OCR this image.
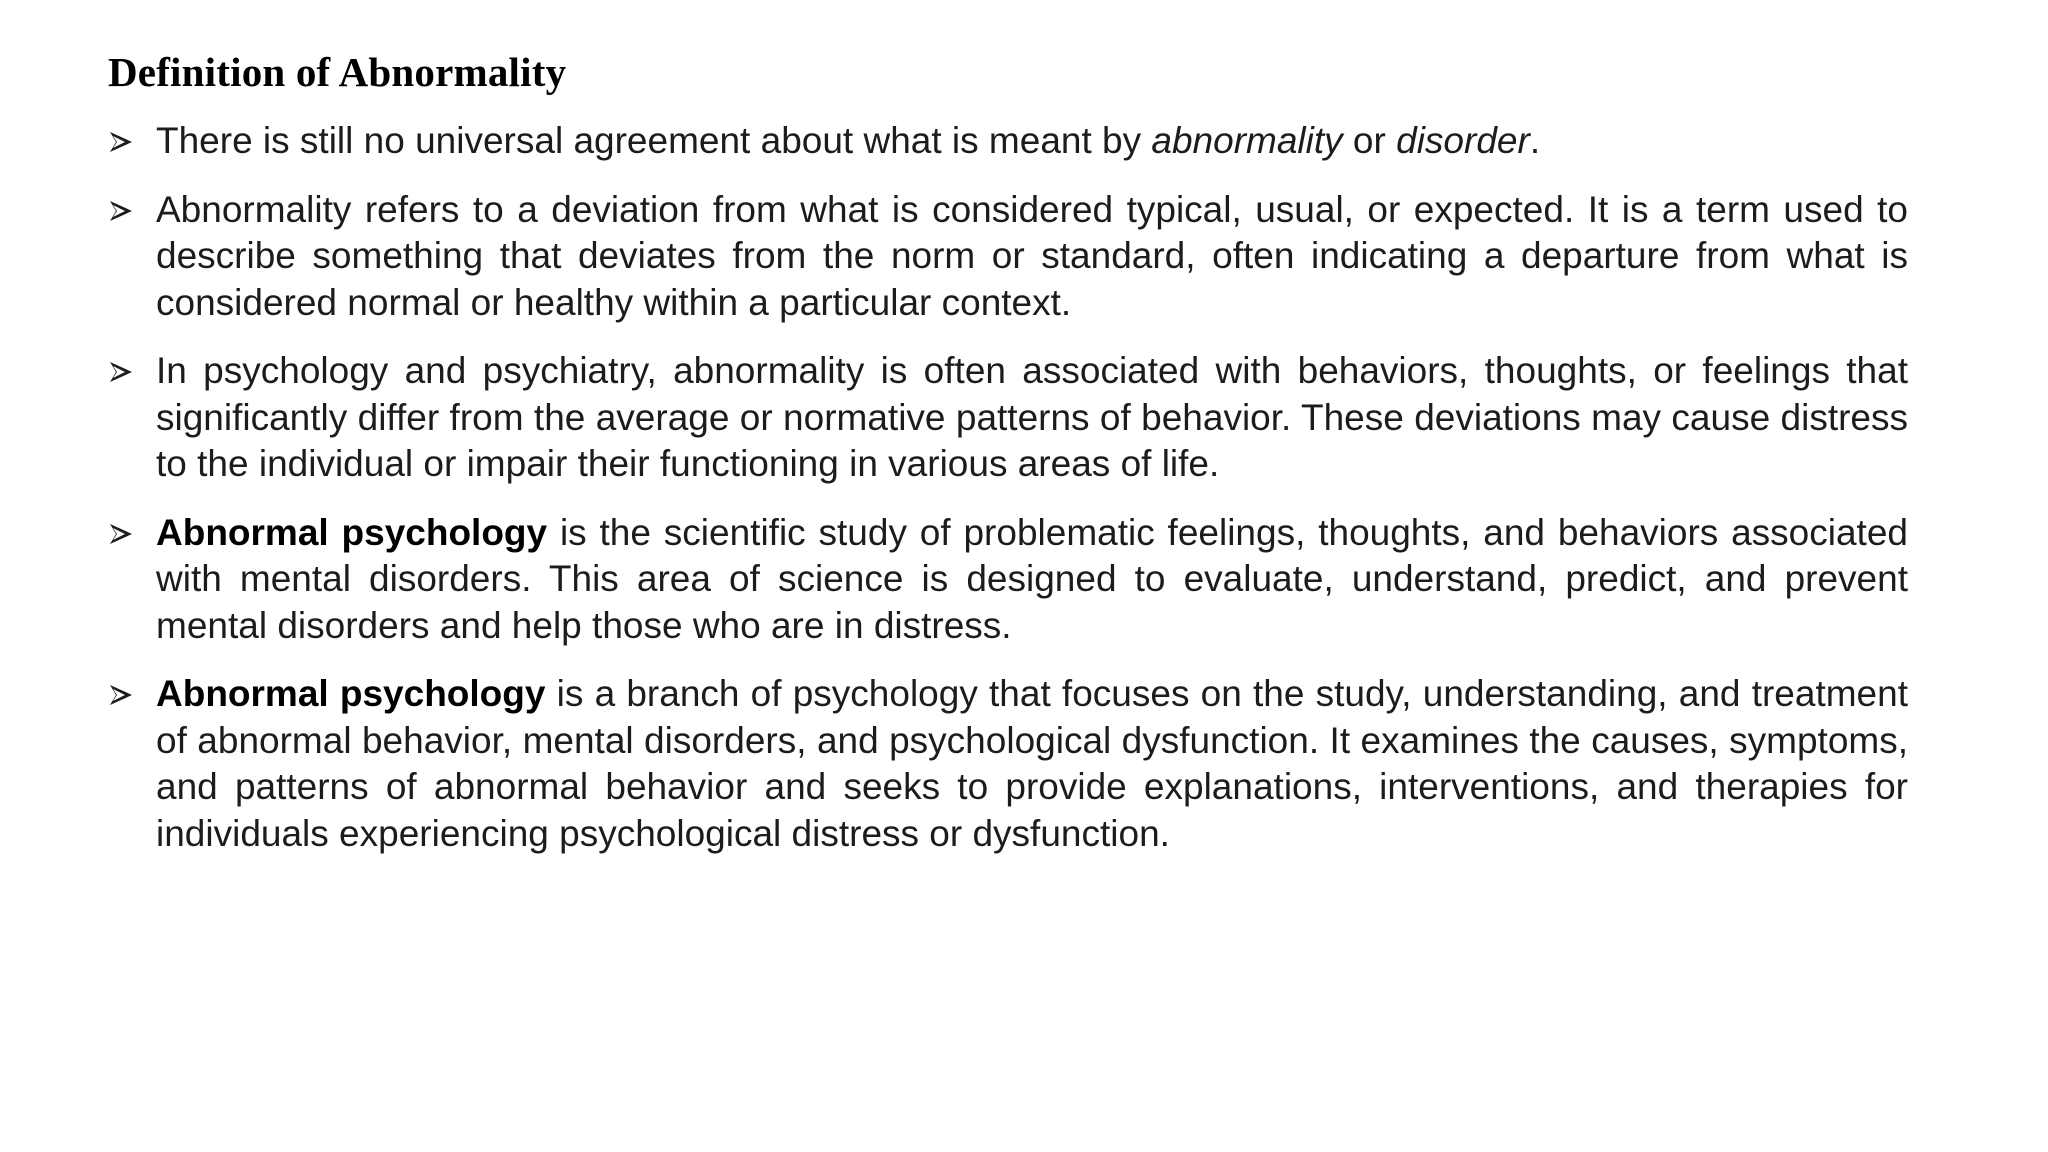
Definition of Abnormality
There is still no universal agreement about what is meant by abnormality or disorder.
Abnormality refers to a deviation from what is considered typical, usual, or expected. It is a term used to describe something that deviates from the norm or standard, often indicating a departure from what is considered normal or healthy within a particular context.
In psychology and psychiatry, abnormality is often associated with behaviors, thoughts, or feelings that significantly differ from the average or normative patterns of behavior. These deviations may cause distress to the individual or impair their functioning in various areas of life.
Abnormal psychology is the scientific study of problematic feelings, thoughts, and behaviors associated with mental disorders. This area of science is designed to evaluate, understand, predict, and prevent mental disorders and help those who are in distress.
Abnormal psychology is a branch of psychology that focuses on the study, understanding, and treatment of abnormal behavior, mental disorders, and psychological dysfunction. It examines the causes, symptoms, and patterns of abnormal behavior and seeks to provide explanations, interventions, and therapies for individuals experiencing psychological distress or dysfunction.
